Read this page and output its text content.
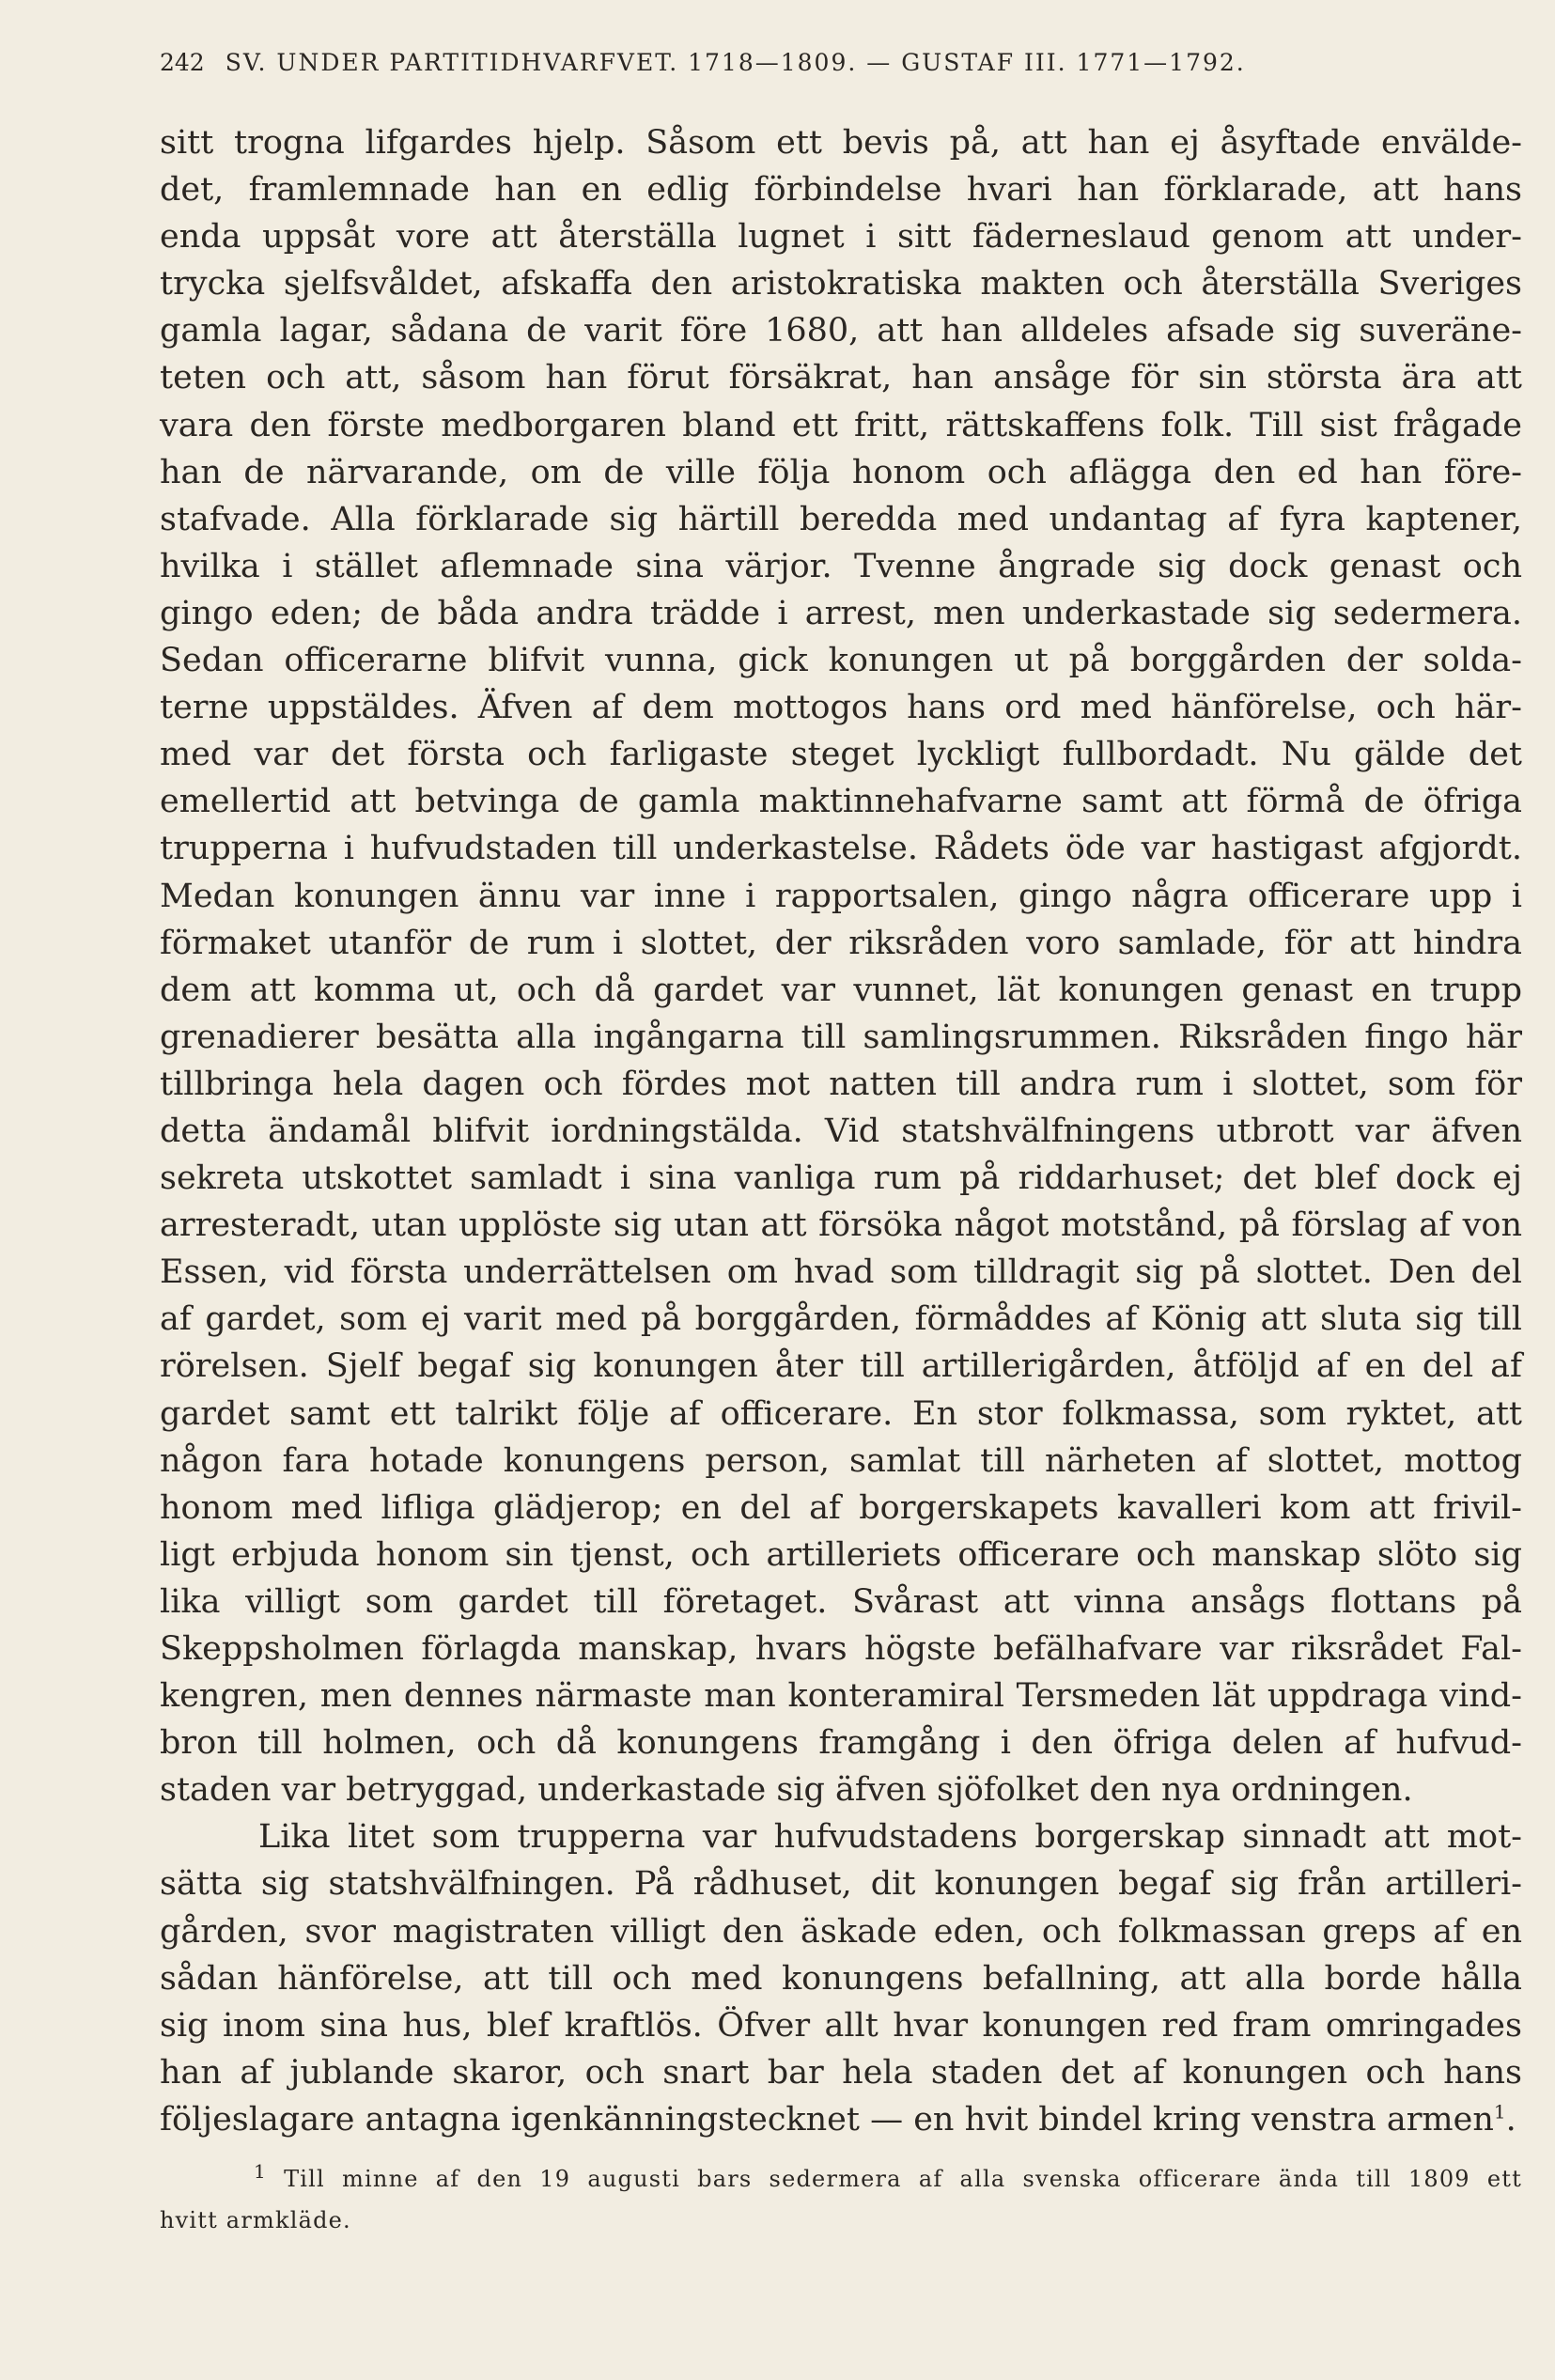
242 SV. UNDER PARTITIDHVARFVET. 1718—1809. — GUSTAF III. 1771—1792.
sitt trogna lifgardes hjelp. Såsom ett bevis på, att han ej åsyftade envälde-
det, framlemnade han en edlig förbindelse hvari han förklarade, att hans
enda uppsåt vore att återställa lugnet i sitt fäderneslaud genom att under-
trycka sjelfsvåldet, afskaffa den aristokratiska makten och återställa Sveriges
gamla lagar, sådana de varit före 1680, att han alldeles afsade sig suveräne-
teten och att, såsom han förut försäkrat, han ansåge för sin största ära att
vara den förste medborgaren bland ett fritt, rättskaffens folk. Till sist frågade
han de närvarande, om de ville följa honom och aflägga den ed han före-
stafvade. Alla förklarade sig härtill beredda med undantag af fyra kaptener,
hvilka i stället aflemnade sina värjor. Tvenne ångrade sig dock genast och
gingo eden; de båda andra trädde i arrest, men underkastade sig sedermera.
Sedan officerarne blifvit vunna, gick konungen ut på borggården der solda-
terne uppstäldes. Äfven af dem mottogos hans ord med hänförelse, och här-
med var det första och farligaste steget lyckligt fullbordadt. Nu gälde det
emellertid att betvinga de gamla maktinnehafvarne samt att förmå de öfriga
trupperna i hufvudstaden till underkastelse. Rådets öde var hastigast afgjordt.
Medan konungen ännu var inne i rapportsalen, gingo några officerare upp i
förmaket utanför de rum i slottet, der riksråden voro samlade, för att hindra
dem att komma ut, och då gardet var vunnet, lät konungen genast en trupp
grenadierer besätta alla ingångarna till samlingsrummen. Riksråden fingo här
tillbringa hela dagen och fördes mot natten till andra rum i slottet, som för
detta ändamål blifvit iordningstälda. Vid statshvälfningens utbrott var äfven
sekreta utskottet samladt i sina vanliga rum på riddarhuset; det blef dock ej
arresteradt, utan upplöste sig utan att försöka något motstånd, på förslag af von
Essen, vid första underrättelsen om hvad som tilldragit sig på slottet. Den del
af gardet, som ej varit med på borggården, förmåddes af König att sluta sig till
rörelsen. Sjelf begaf sig konungen åter till artillerigården, åtföljd af en del af
gardet samt ett talrikt följe af officerare. En stor folkmassa, som ryktet, att
någon fara hotade konungens person, samlat till närheten af slottet, mottog
honom med lifliga glädjerop; en del af borgerskapets kavalleri kom att frivil-
ligt erbjuda honom sin tjenst, och artilleriets officerare och manskap slöto sig
lika villigt som gardet till företaget. Svårast att vinna ansågs flottans på
Skeppsholmen förlagda manskap, hvars högste befälhafvare var riksrådet Fal-
kengren, men dennes närmaste man konteramiral Tersmeden lät uppdraga vind-
bron till holmen, och då konungens framgång i den öfriga delen af hufvud-
staden var betryggad, underkastade sig äfven sjöfolket den nya ordningen.
Lika litet som trupperna var hufvudstadens borgerskap sinnadt att mot-
sätta sig statshvälfningen. På rådhuset, dit konungen begaf sig från artilleri-
gården, svor magistraten villigt den äskade eden, och folkmassan greps af en
sådan hänförelse, att till och med konungens befallning, att alla borde hålla
sig inom sina hus, blef kraftlös. Öfver allt hvar konungen red fram omringades
han af jublande skaror, och snart bar hela staden det af konungen och hans
följeslagare antagna igenkänningstecknet — en hvit bindel kring venstra armen$^1$.
$^1$ Till minne af den 19 augusti bars sedermera af alla svenska officerare ända till 1809 ett
hvitt armkläde.
